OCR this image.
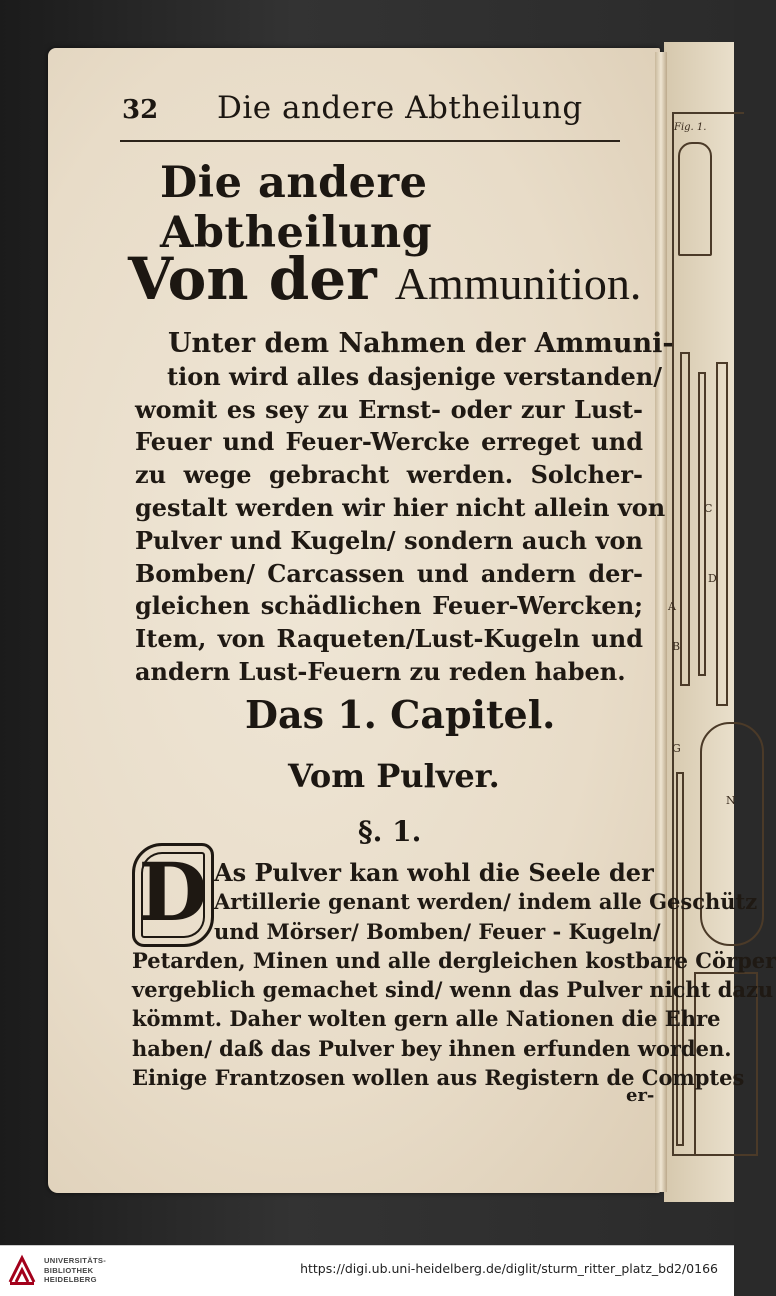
Fig. 1.
C
A
B
D
G
N
32	Die andere Abtheilung
Die andere Abtheilung
Von der Ammunition.
Unter dem Nahmen der Ammuni-
tion wird alles dasjenige verstanden/
womit es sey zu Ernst- oder zur Lust-
Feuer und Feuer-Wercke erreget und
zu wege gebracht werden. Solcher-
gestalt werden wir hier nicht allein von
Pulver und Kugeln/ sondern auch von
Bomben/ Carcassen und andern der-
gleichen schädlichen Feuer-Wercken;
Item, von Raqueten/Lust-Kugeln und
andern Lust-Feuern zu reden haben.
Das 1. Capitel.
Vom Pulver.
§. 1.
D As Pulver kan wohl die Seele der
Artillerie genant werden/ indem alle Geschütz
und Mörser/ Bomben/ Feuer - Kugeln/
Petarden, Minen und alle dergleichen kostbare Cörper
vergeblich gemachet sind/ wenn das Pulver nicht dazu
kömmt. Daher wolten gern alle Nationen die Ehre
haben/ daß das Pulver bey ihnen erfunden worden.
Einige Frantzosen wollen aus Registern de Comptes
er-
UNIVERSITÄTS-
BIBLIOTHEK
HEIDELBERG
https://digi.ub.uni-heidelberg.de/diglit/sturm_ritter_platz_bd2/0166
